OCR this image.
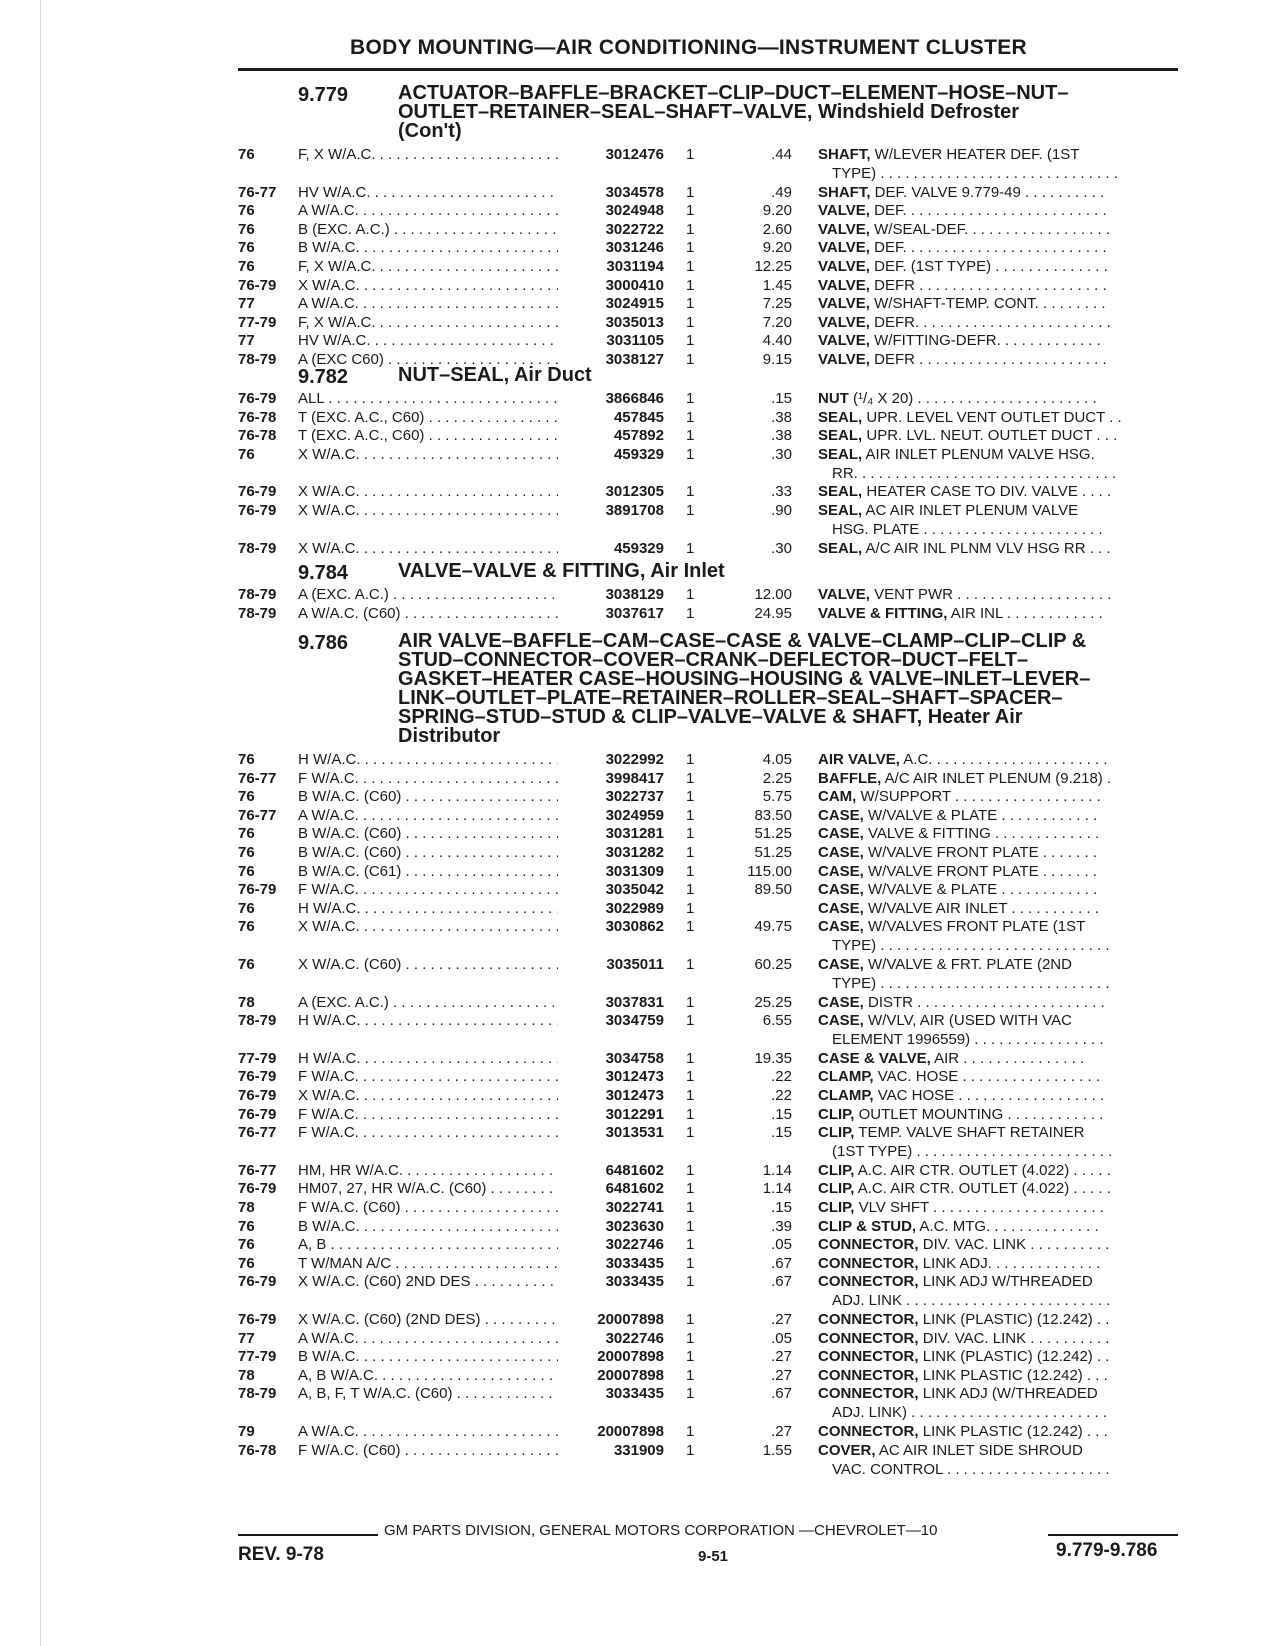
BODY MOUNTING—AIR CONDITIONING—INSTRUMENT CLUSTER
9.779 ACTUATOR–BAFFLE–BRACKET–CLIP–DUCT–ELEMENT–HOSE–NUT–
OUTLET–RETAINER–SEAL–SHAFT–VALVE, Windshield Defroster
(Con't)
76	F, X W/A.C. . . .	3012476 1	.44 SHAFT, W/LEVER HEATER DEF. (1ST
TYPE) . . . . . . . . . . . . . . . . . . . . . . . . . . . . .
76-77 HV W/A.C. . . .	3034578 1	.49 SHAFT, DEF. VALVE 9.779-49 . . . . . . . . . .
76	A W/A.C. . . .	3024948 1	9.20 VALVE, DEF. . . . . . . . . . . . . . . . . . . . . . . . .
76	B (EXC. A.C.) . . .	3022722 1	2.60 VALVE, W/SEAL-DEF. . . . . . . . . . . . . . . . . .
76	B W/A.C. . . .	3031246 1	9.20 VALVE, DEF. . . . . . . . . . . . . . . . . . . . . . . . .
76	F, X W/A.C. . . .	3031194 1	12.25 VALVE, DEF. (1ST TYPE) . . . . . . . . . . . . . .
76-79 X W/A.C. . . .	3000410 1	1.45 VALVE, DEFR . . . . . . . . . . . . . . . . . . . . . . .
77	A W/A.C. . . .	3024915 1	7.25 VALVE, W/SHAFT-TEMP. CONT. . . . . . . . .
77-79 F, X W/A.C. . . .	3035013 1	7.20 VALVE, DEFR. . . . . . . . . . . . . . . . . . . . . . . .
77	HV W/A.C. . . .	3031105 1	4.40 VALVE, W/FITTING-DEFR. . . . . . . . . . . . .
78-79 A (EXC C60) . . .	3038127 1	9.15 VALVE, DEFR . . . . . . . . . . . . . . . . . . . . . . .
9.782 NUT–SEAL, Air Duct
76-79 ALL . . .	3866846 1	.15 NUT (¹/₄ X 20) . . . . . . . . . . . . . . . . . . . . . .
76-78 T (EXC. A.C., C60) . . .	457845 1	.38 SEAL, UPR. LEVEL VENT OUTLET DUCT . .
76-78 T (EXC. A.C., C60) . . .	457892 1	.38 SEAL, UPR. LVL. NEUT. OUTLET DUCT . . .
76	X W/A.C. . . .	459329 1	.30 SEAL, AIR INLET PLENUM VALVE HSG.
RR. . . . . . . . . . . . . . . . . . . . . . . . . . . . . . . .
76-79 X W/A.C. . . .	3012305 1	.33 SEAL, HEATER CASE TO DIV. VALVE . . . .
76-79 X W/A.C. . . .	3891708 1	.90 SEAL, AC AIR INLET PLENUM VALVE
HSG. PLATE . . . . . . . . . . . . . . . . . . . . . .
78-79 X W/A.C. . . .	459329 1	.30 SEAL, A/C AIR INL PLNM VLV HSG RR . . .
9.784 VALVE–VALVE & FITTING, Air Inlet
78-79 A (EXC. A.C.) . . .	3038129 1	12.00 VALVE, VENT PWR . . . . . . . . . . . . . . . . . . .
78-79 A W/A.C. (C60) . . .	3037617 1	24.95 VALVE & FITTING, AIR INL . . . . . . . . . . . .
9.786 AIR VALVE–BAFFLE–CAM–CASE–CASE & VALVE–CLAMP–CLIP–CLIP &
STUD–CONNECTOR–COVER–CRANK–DEFLECTOR–DUCT–FELT–
GASKET–HEATER CASE–HOUSING–HOUSING & VALVE–INLET–LEVER–
LINK–OUTLET–PLATE–RETAINER–ROLLER–SEAL–SHAFT–SPACER–
SPRING–STUD–STUD & CLIP–VALVE–VALVE & SHAFT, Heater Air
Distributor
76	H W/A.C. . . .	3022992 1	4.05 AIR VALVE, A.C. . . . . . . . . . . . . . . . . . . . . .
76-77 F W/A.C. . . .	3998417 1	2.25 BAFFLE, A/C AIR INLET PLENUM (9.218) .
76	B W/A.C. (C60) . . .	3022737 1	5.75 CAM, W/SUPPORT . . . . . . . . . . . . . . . . . .
76-77 A W/A.C. . . .	3024959 1	83.50 CASE, W/VALVE & PLATE . . . . . . . . . . . .
76	B W/A.C. (C60) . . .	3031281 1	51.25 CASE, VALVE & FITTING . . . . . . . . . . . . .
76	B W/A.C. (C60) . . .	3031282 1	51.25 CASE, W/VALVE FRONT PLATE . . . . . . .
76	B W/A.C. (C61) . . .	3031309 1	115.00 CASE, W/VALVE FRONT PLATE . . . . . . .
76-79 F W/A.C. . . .	3035042 1	89.50 CASE, W/VALVE & PLATE . . . . . . . . . . . .
76	H W/A.C. . . .	3022989 1	CASE, W/VALVE AIR INLET . . . . . . . . . . .
76	X W/A.C. . . .	3030862 1	49.75 CASE, W/VALVES FRONT PLATE (1ST
TYPE) . . . . . . . . . . . . . . . . . . . . . . . . . . . .
76	X W/A.C. (C60) . . .	3035011 1	60.25 CASE, W/VALVE & FRT. PLATE (2ND
TYPE) . . . . . . . . . . . . . . . . . . . . . . . . . . . .
78	A (EXC. A.C.) . . .	3037831 1	25.25 CASE, DISTR . . . . . . . . . . . . . . . . . . . . . . .
78-79 H W/A.C. . . .	3034759 1	6.55 CASE, W/VLV, AIR (USED WITH VAC
ELEMENT 1996559) . . . . . . . . . . . . . . . .
77-79 H W/A.C. . . .	3034758 1	19.35 CASE & VALVE, AIR . . . . . . . . . . . . . . .
76-79 F W/A.C. . . .	3012473 1	.22 CLAMP, VAC. HOSE . . . . . . . . . . . . . . . . .
76-79 X W/A.C. . . .	3012473 1	.22 CLAMP, VAC HOSE . . . . . . . . . . . . . . . . . .
76-79 F W/A.C. . . .	3012291 1	.15 CLIP, OUTLET MOUNTING . . . . . . . . . . . .
76-77 F W/A.C. . . .	3013531 1	.15 CLIP, TEMP. VALVE SHAFT RETAINER
(1ST TYPE) . . . . . . . . . . . . . . . . . . . . . . . .
76-77 HM, HR W/A.C. . . .	6481602 1	1.14 CLIP, A.C. AIR CTR. OUTLET (4.022) . . . . .
76-79 HM07, 27, HR W/A.C. (C60) . . .	6481602 1	1.14 CLIP, A.C. AIR CTR. OUTLET (4.022) . . . . .
78	F W/A.C. (C60) . . .	3022741 1	.15 CLIP, VLV SHFT . . . . . . . . . . . . . . . . . . . . .
76	B W/A.C. . . .	3023630 1	.39 CLIP & STUD, A.C. MTG. . . . . . . . . . . . . .
76	A, B . . .	3022746 1	.05 CONNECTOR, DIV. VAC. LINK . . . . . . . . . .
76	T W/MAN A/C . . .	3033435 1	.67 CONNECTOR, LINK ADJ. . . . . . . . . . . . . .
76-79 X W/A.C. (C60) 2ND DES . . .	3033435 1	.67 CONNECTOR, LINK ADJ W/THREADED
ADJ. LINK . . . . . . . . . . . . . . . . . . . . . . . . .
76-79 X W/A.C. (C60) (2ND DES) . . .	20007898 1	.27 CONNECTOR, LINK (PLASTIC) (12.242) . .
77	A W/A.C. . . .	3022746 1	.05 CONNECTOR, DIV. VAC. LINK . . . . . . . . . .
77-79 B W/A.C. . . .	20007898 1	.27 CONNECTOR, LINK (PLASTIC) (12.242) . .
78	A, B W/A.C. . . .	20007898 1	.27 CONNECTOR, LINK PLASTIC (12.242) . . .
78-79 A, B, F, T W/A.C. (C60) . . .	3033435 1	.67 CONNECTOR, LINK ADJ (W/THREADED
ADJ. LINK) . . . . . . . . . . . . . . . . . . . . . . . .
79	A W/A.C. . . .	20007898 1	.27 CONNECTOR, LINK PLASTIC (12.242) . . .
76-78 F W/A.C. (C60) . . .	331909 1	1.55 COVER, AC AIR INLET SIDE SHROUD
VAC. CONTROL . . . . . . . . . . . . . . . . . . . .
GM PARTS DIVISION, GENERAL MOTORS CORPORATION —CHEVROLET—10
REV. 9-78	9-51	9.779-9.786
